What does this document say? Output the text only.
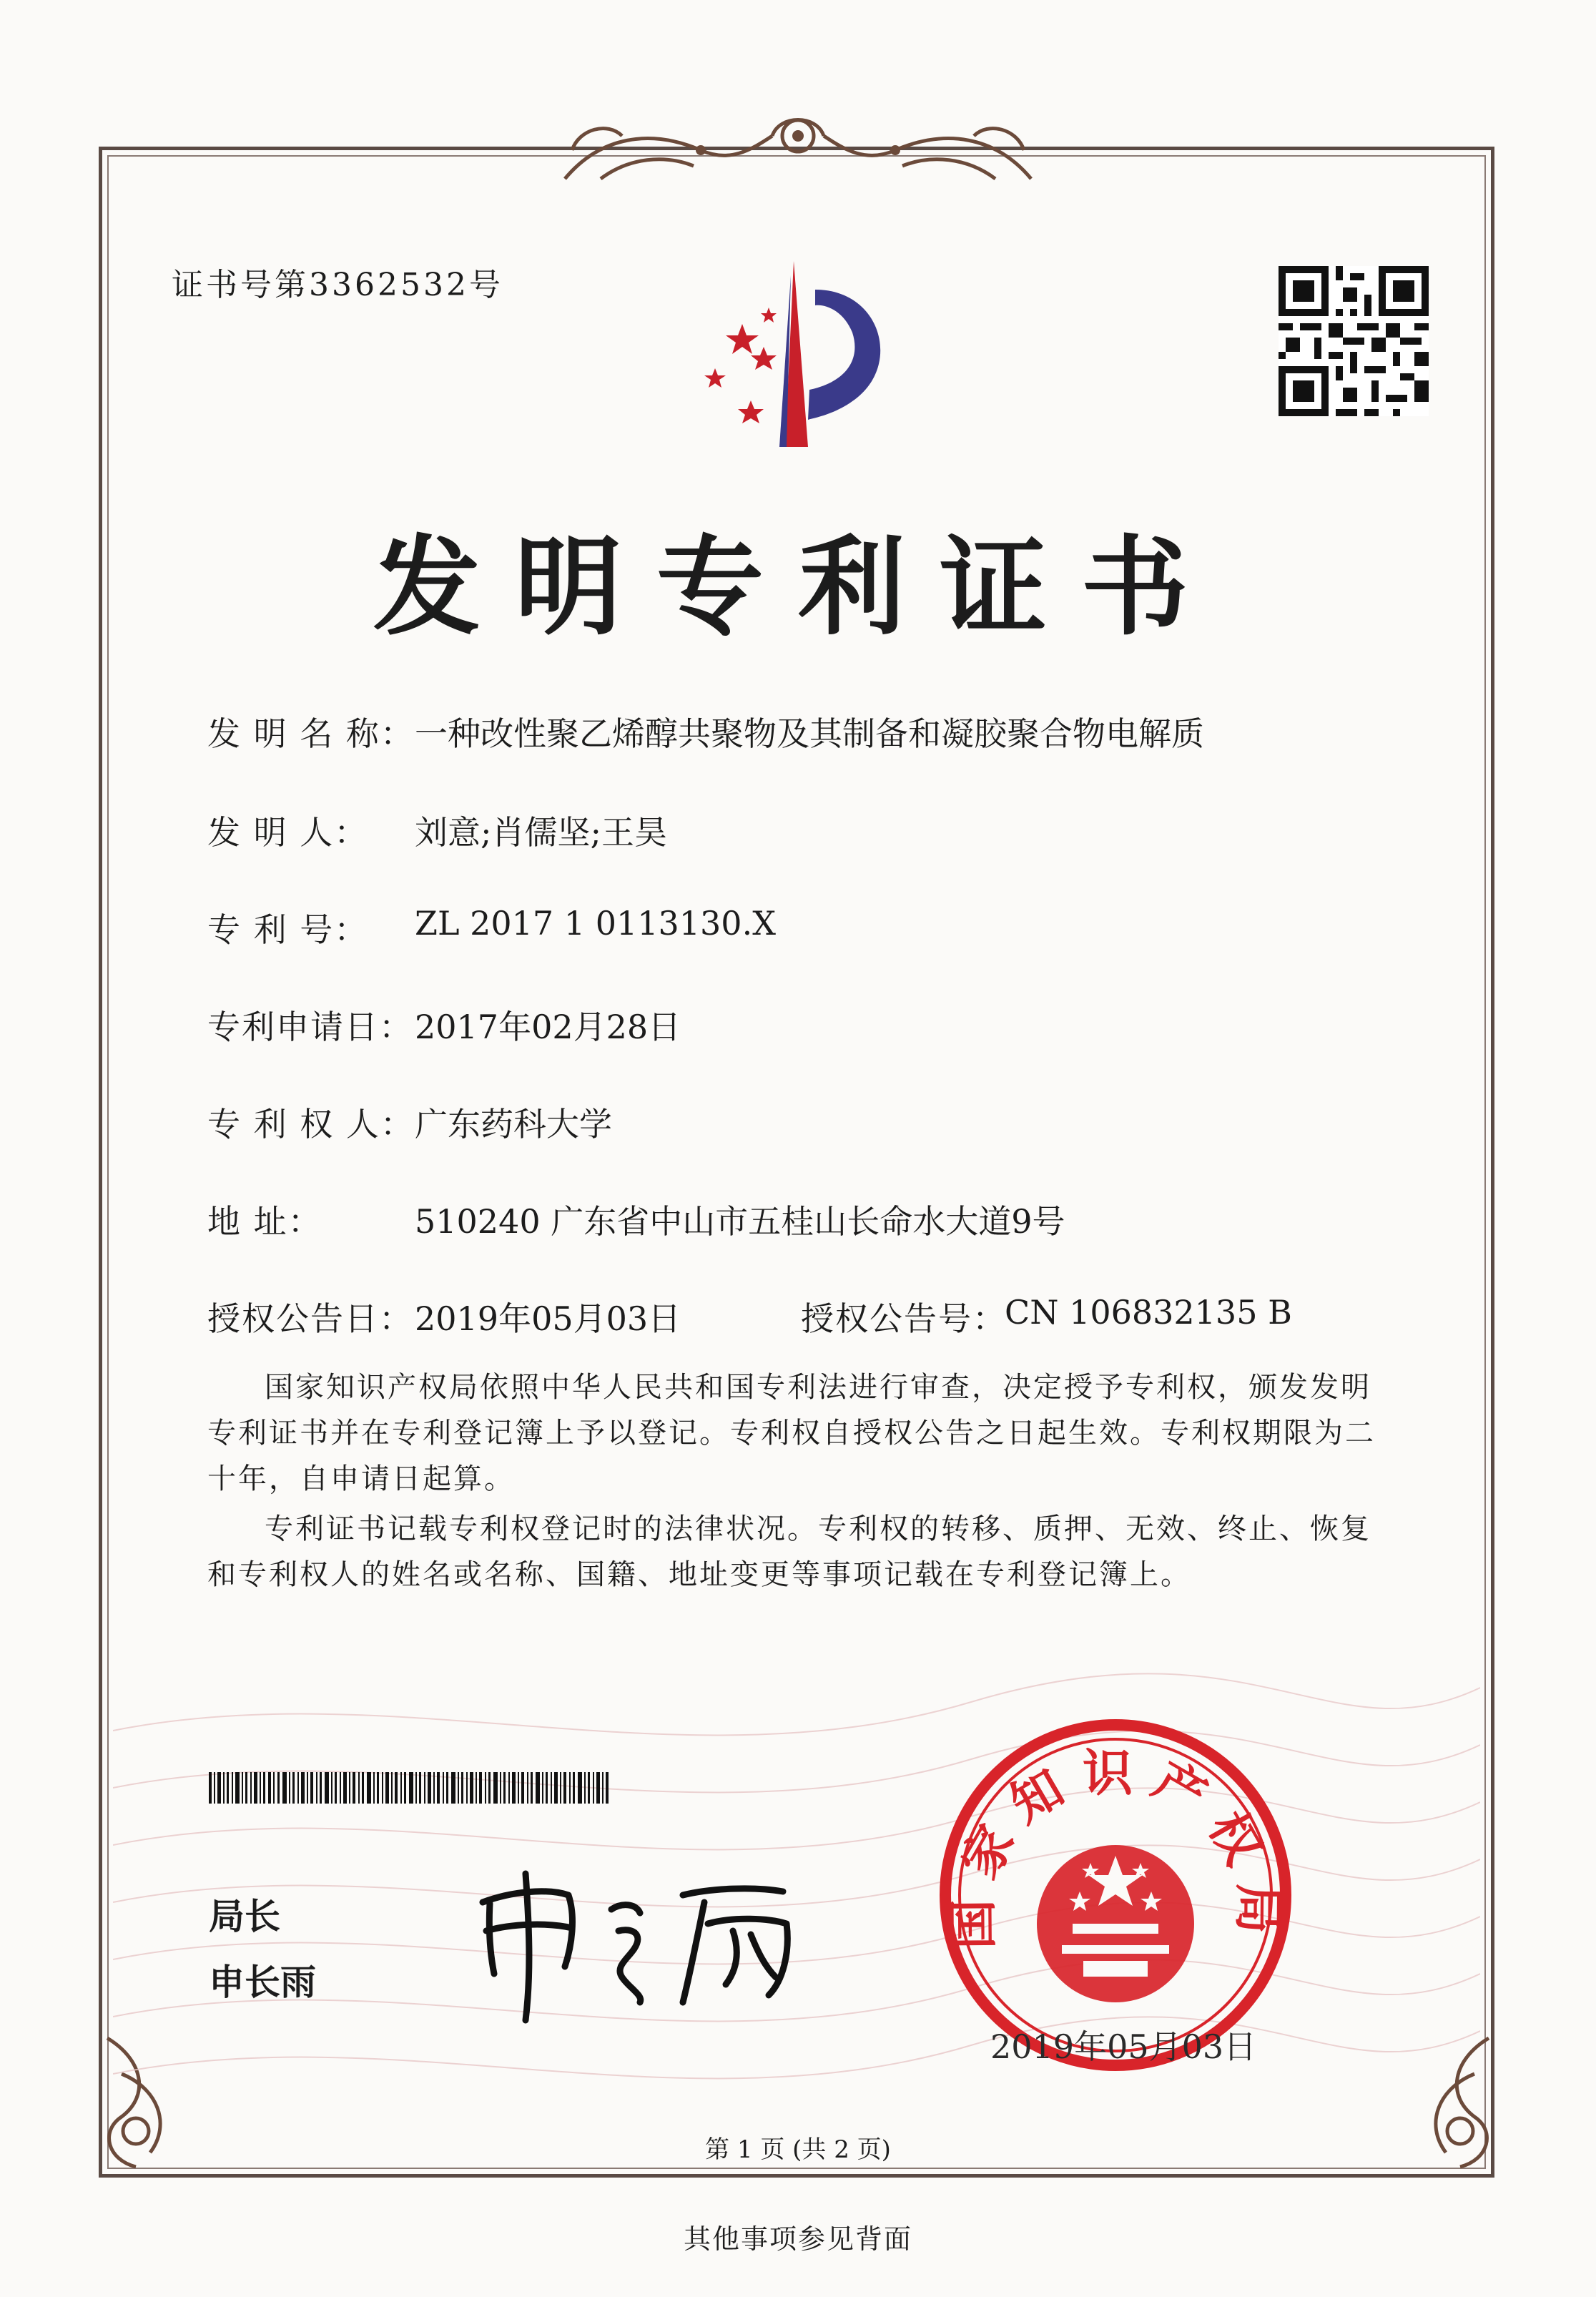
证书号第3362532号
发明专利证书
发 明 名 称： 一种改性聚乙烯醇共聚物及其制备和凝胶聚合物电解质
发 明 人： 刘意;肖儒坚;王昊
专 利 号： ZL 2017 1 0113130.X
专利申请日： 2017年02月28日
专 利 权 人： 广东药科大学
地 址：	510240 广东省中山市五桂山长命水大道9号
授权公告日： 2019年05月03日	授权公告号：
CN 106832135 B
国家知识产权局依照中华人民共和国专利法进行审查，决定授予专利权，颁发发明专利证书并在专利登记簿上予以登记。专利权自授权公告之日起生效。专利权期限为二十年，自申请日起算。
专利证书记载专利权登记时的法律状况。专利权的转移、质押、无效、终止、恢复和专利权人的姓名或名称、国籍、地址变更等事项记载在专利登记簿上。
局长
申长雨
国家知识产权局
2019年05月03日
第 1 页 (共 2 页)
其他事项参见背面
